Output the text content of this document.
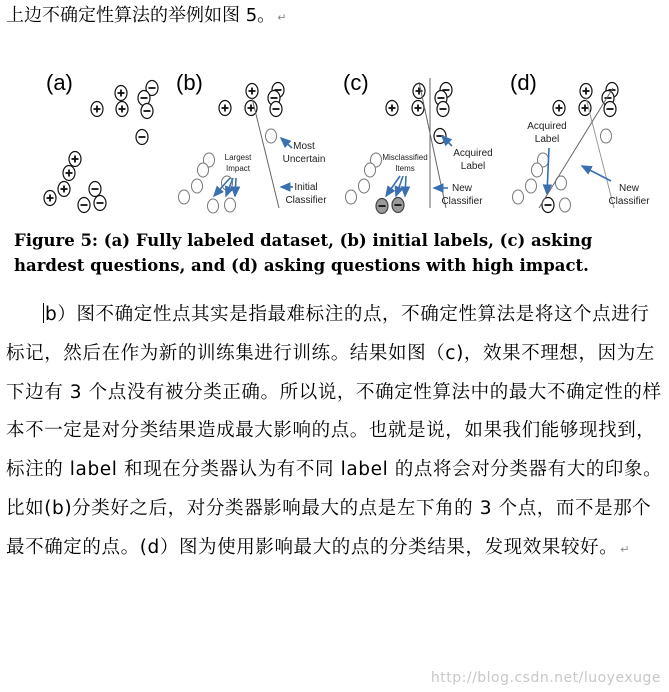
上边不确定性算法的举例如图 5。 ↵
(a)	(b)	(c)	(d)
Largest
Impact
Most
Uncertain
Initial
Classifier
Misclassified
Items
Acquired
Label
New
Classifier
Acquired
Label
New
Classifier
Figure 5: (a) Fully labeled dataset, (b) initial labels, (c) asking hardest questions, and (d) asking questions with high impact.

b）图不确定性点其实是指最难标注的点，不确定性算法是将这个点进行标记，然后在作为新的训练集进行训练。结果如图（c)，效果不理想，因为左下边有 3 个点没有被分类正确。所以说，不确定性算法中的最大不确定性的样本不一定是对分类结果造成最大影响的点。也就是说，如果我们能够现找到，标注的 label 和现在分类器认为有不同 label 的点将会对分类器有大的印象。比如(b)分类好之后，对分类器影响最大的点是左下角的 3 个点，而不是那个最不确定的点。(d）图为使用影响最大的点的分类结果，发现效果较好。 ↵

http://blog.csdn.net/luoyexuge
